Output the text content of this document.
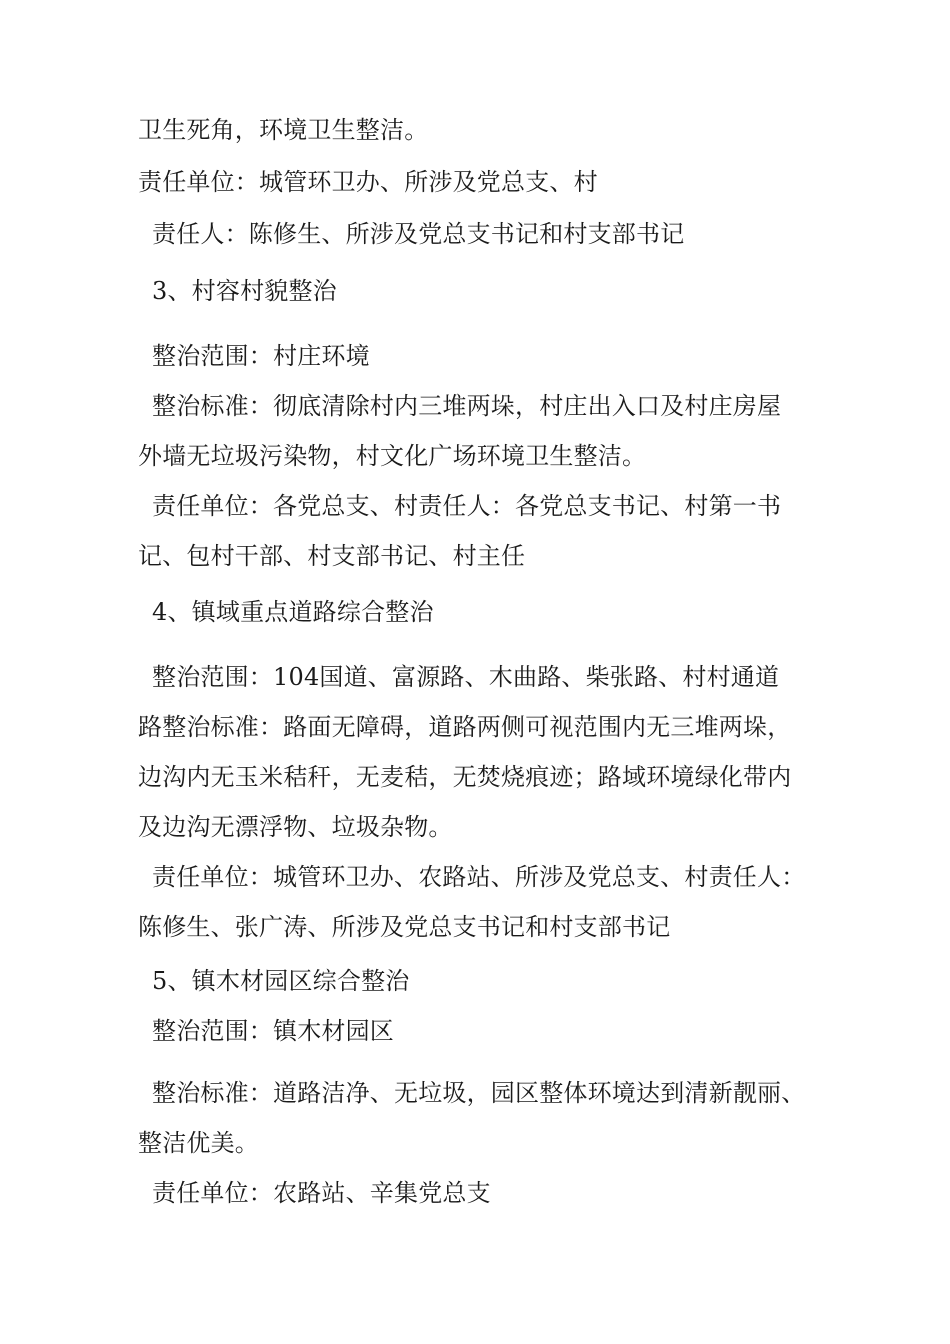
卫生死角，环境卫生整洁。
责任单位：城管环卫办、所涉及党总支、村
责任人：陈修生、所涉及党总支书记和村支部书记
3、村容村貌整治
整治范围：村庄环境
整治标准：彻底清除村内三堆两垛，村庄出入口及村庄房屋
外墙无垃圾污染物，村文化广场环境卫生整洁。
责任单位：各党总支、村责任人：各党总支书记、村第一书
记、包村干部、村支部书记、村主任
4、镇域重点道路综合整治
整治范围：104国道、富源路、木曲路、柴张路、村村通道
路整治标准：路面无障碍，道路两侧可视范围内无三堆两垛，
边沟内无玉米秸秆，无麦秸，无焚烧痕迹；路域环境绿化带内
及边沟无漂浮物、垃圾杂物。
责任单位：城管环卫办、农路站、所涉及党总支、村责任人：
陈修生、张广涛、所涉及党总支书记和村支部书记
5、镇木材园区综合整治
整治范围：镇木材园区
整治标准：道路洁净、无垃圾，园区整体环境达到清新靓丽、
整洁优美。
责任单位：农路站、辛集党总支
